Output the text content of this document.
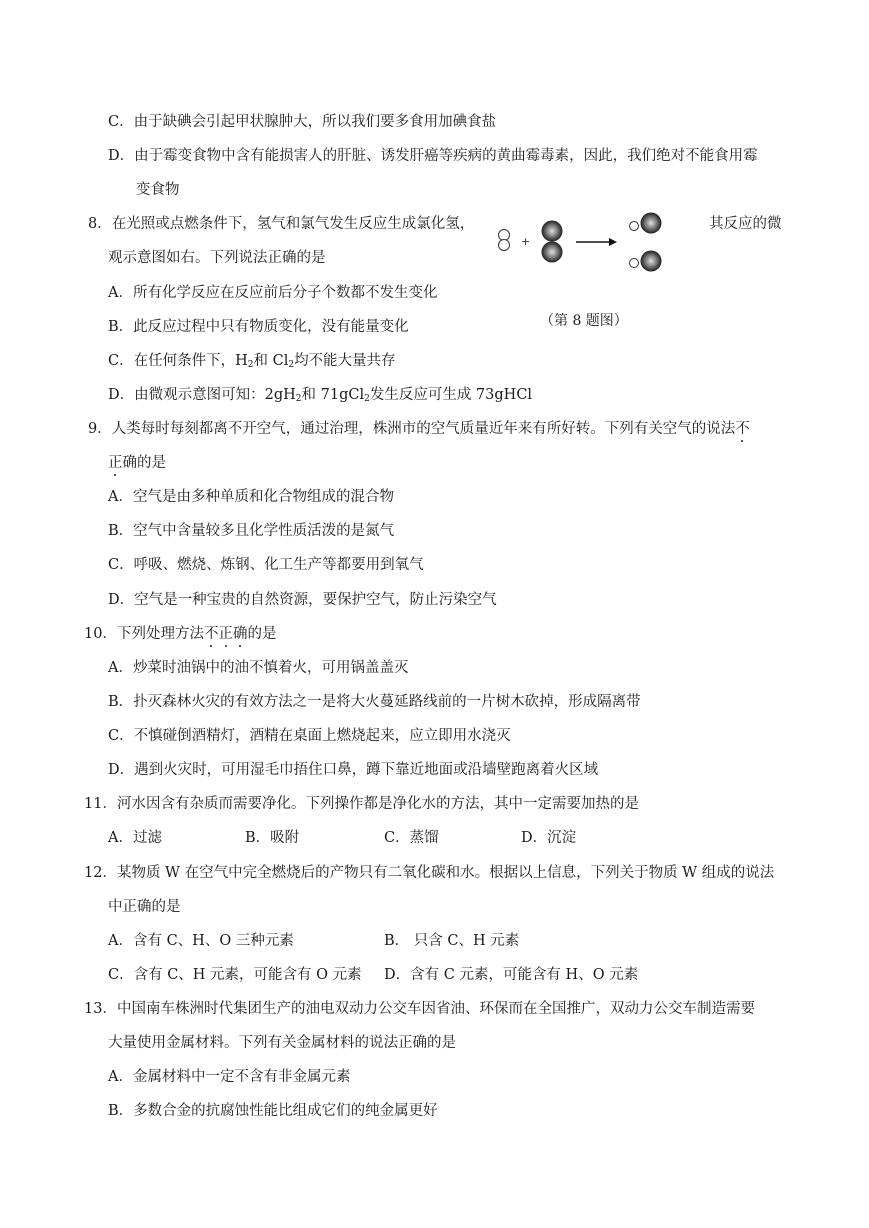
C．由于缺碘会引起甲状腺肿大，所以我们要多食用加碘食盐
D．由于霉变食物中含有能损害人的肝脏、诱发肝癌等疾病的黄曲霉毒素，因此，我们绝对不能食用霉
变食物
8．在光照或点燃条件下，氢气和氯气发生反应生成氯化氢，	其反应的微
观示意图如右。下列说法正确的是
+
A．所有化学反应在反应前后分子个数都不发生变化
（第 8 题图）
B．此反应过程中只有物质变化，没有能量变化
C．在任何条件下，$H_2$和 $Cl_2$均不能大量共存
D．由微观示意图可知：$2gH_2$和 71gCl$_2$发生反应可生成 73gHCl
9．人类每时每刻都离不开空气，通过治理，株洲市的空气质量近年来有所好转。下列有关空气的说法不
正确的是
A．空气是由多种单质和化合物组成的混合物
B．空气中含量较多且化学性质活泼的是氮气
C．呼吸、燃烧、炼钢、化工生产等都要用到氧气
D．空气是一种宝贵的自然资源，要保护空气，防止污染空气
10．下列处理方法不正确的是
A．炒菜时油锅中的油不慎着火，可用锅盖盖灭
B．扑灭森林火灾的有效方法之一是将大火蔓延路线前的一片树木砍掉，形成隔离带
C．不慎碰倒酒精灯，酒精在桌面上燃烧起来，应立即用水浇灭
D．遇到火灾时，可用湿毛巾捂住口鼻，蹲下靠近地面或沿墙壁跑离着火区域
11．河水因含有杂质而需要净化。下列操作都是净化水的方法，其中一定需要加热的是
A．过滤	B．吸附	C．蒸馏	D．沉淀
12．某物质 W 在空气中完全燃烧后的产物只有二氧化碳和水。根据以上信息，下列关于物质 W 组成的说法
中正确的是
A．含有 C、H、O 三种元素	B． 只含 C、H 元素
C．含有 C、H 元素，可能含有 O 元素 D．含有 C 元素，可能含有 H、O 元素
13．中国南车株洲时代集团生产的油电双动力公交车因省油、环保而在全国推广，双动力公交车制造需要
大量使用金属材料。下列有关金属材料的说法正确的是
A．金属材料中一定不含有非金属元素
B．多数合金的抗腐蚀性能比组成它们的纯金属更好
